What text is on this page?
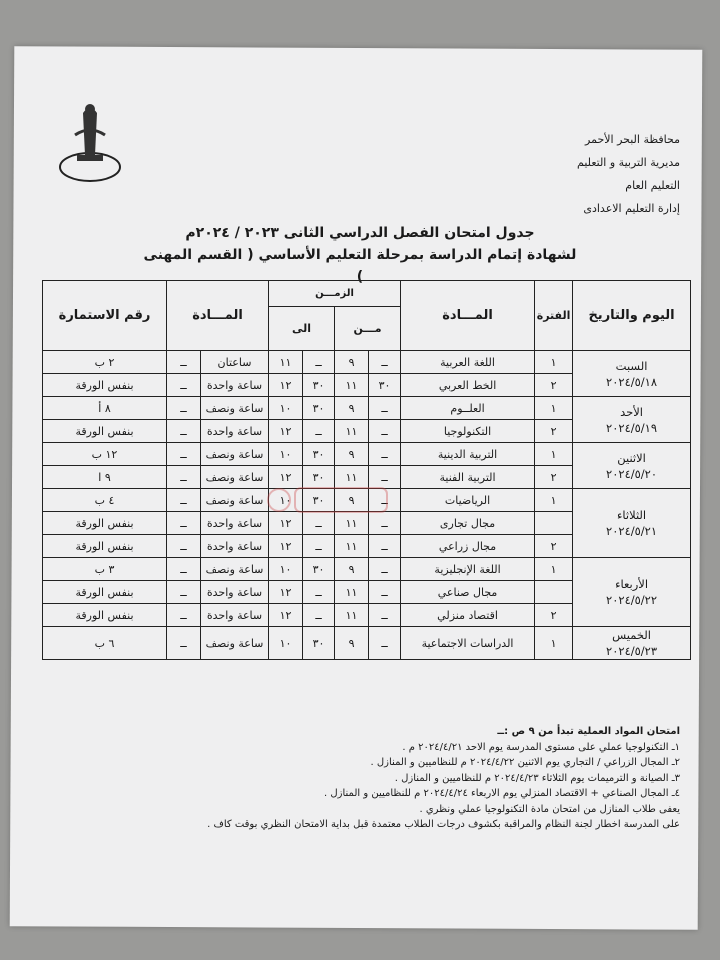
محافظة البحر الأحمر
مديرية التربية و التعليم
التعليم العام
إدارة التعليم الاعدادى
جدول امتحان الفصل الدراسي الثانى ٢٠٢٣ / ٢٠٢٤م
لشهادة إتمام الدراسة بمرحلة التعليم الأساسي ( القسم المهنى )
اليوم والتاريخ	الفترة	المـــادة	الزمـــن				المـــادة		رقم الاستمارة
			مـــن		الى				

السبت
٢٠٢٤/٥/١٨	١	اللغة العربية	ــ	٩	ــ	١١	ساعتان	ــ	٢ ب
	٢	الخط العربي	٣٠	١١	٣٠	١٢	ساعة واحدة	ــ	بنفس الورقة

الأحد
٢٠٢٤/٥/١٩	١	العلــوم	ــ	٩	٣٠	١٠	ساعة ونصف	ــ	٨ أ
	٢	التكنولوجيا	ــ	١١	ــ	١٢	ساعة واحدة	ــ	بنفس الورقة

الاثنين
٢٠٢٤/٥/٢٠	١	التربية الدينية	ــ	٩	٣٠	١٠	ساعة ونصف	ــ	١٢ ب
	٢	التربية الفنية	ــ	١١	٣٠	١٢	ساعة ونصف	ــ	٩ ا

الثلاثاء
٢٠٢٤/٥/٢١	١	الرياضيات	ــ	٩	٣٠	١٠	ساعة ونصف	ــ	٤ ب
		مجال تجارى	ــ	١١	ــ	١٢	ساعة واحدة	ــ	بنفس الورقة
	٢	مجال زراعي	ــ	١١	ــ	١٢	ساعة واحدة	ــ	بنفس الورقة

الأربعاء
٢٠٢٤/٥/٢٢	١	اللغة الإنجليزية	ــ	٩	٣٠	١٠	ساعة ونصف	ــ	٣ ب
		مجال صناعي	ــ	١١	ــ	١٢	ساعة واحدة	ــ	بنفس الورقة
	٢	اقتصاد منزلي	ــ	١١	ــ	١٢	ساعة واحدة	ــ	بنفس الورقة

الخميس
٢٠٢٤/٥/٢٣	١	الدراسات الاجتماعية	ــ	٩	٣٠	١٠	ساعة ونصف	ــ	٦ ب
امتحان المواد العملية تبدأ من ٩ ص :ــ
١ـ التكنولوجيا عملي على مستوى المدرسة يوم الاحد ٢٠٢٤/٤/٢١ م .
٢ـ المجال الزراعي / التجاري يوم الاثنين ٢٠٢٤/٤/٢٢ م للنظاميين و المنازل .
٣ـ الصيانة و الترميمات يوم الثلاثاء ٢٠٢٤/٤/٢٣ م للنظاميين و المنازل .
٤ـ المجال الصناعي + الاقتصاد المنزلي يوم الاربعاء ٢٠٢٤/٤/٢٤ م للنظاميين و المنازل .
يعفى طلاب المنازل من امتحان مادة التكنولوجيا عملي ونظري .
على المدرسة اخطار لجنة النظام والمراقبة بكشوف درجات الطلاب معتمدة قبل بداية الامتحان النظري بوقت كاف .
